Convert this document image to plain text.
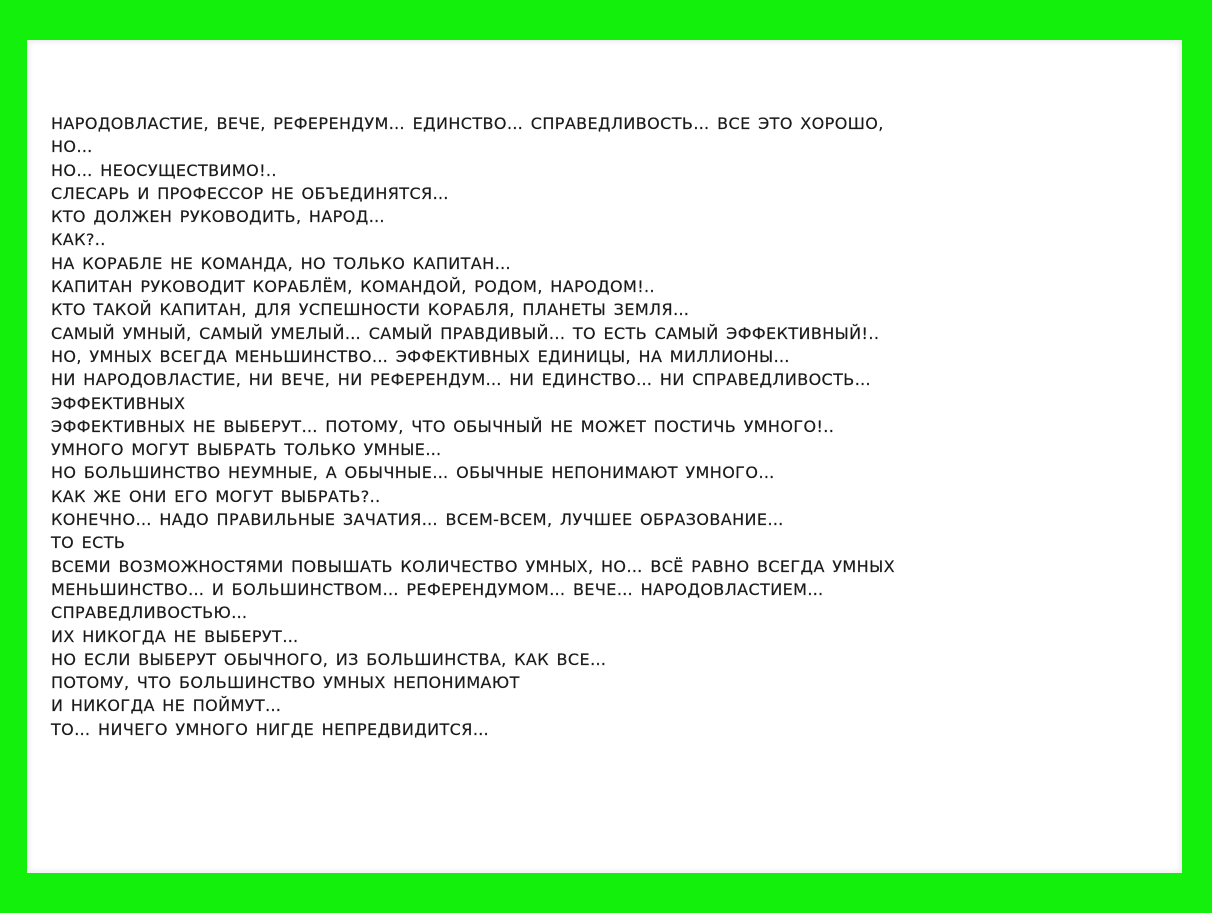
НАРОДОВЛАСТИЕ, ВЕЧЕ, РЕФЕРЕНДУМ… ЕДИНСТВО… СПРАВЕДЛИВОСТЬ… ВСЕ ЭТО ХОРОШО,
НО…
НО… НЕОСУЩЕСТВИМО!..
СЛЕСАРЬ И ПРОФЕССОР НЕ ОБЪЕДИНЯТСЯ…
КТО ДОЛЖЕН РУКОВОДИТЬ, НАРОД…
КАК?..
НА КОРАБЛЕ НЕ КОМАНДА, НО ТОЛЬКО КАПИТАН…
КАПИТАН РУКОВОДИТ КОРАБЛЁМ, КОМАНДОЙ, РОДОМ, НАРОДОМ!..
КТО ТАКОЙ КАПИТАН, ДЛЯ УСПЕШНОСТИ КОРАБЛЯ, ПЛАНЕТЫ ЗЕМЛЯ…
САМЫЙ УМНЫЙ, САМЫЙ УМЕЛЫЙ… САМЫЙ ПРАВДИВЫЙ... ТО ЕСТЬ САМЫЙ ЭФФЕКТИВНЫЙ!..
НО, УМНЫХ ВСЕГДА МЕНЬШИНСТВО… ЭФФЕКТИВНЫХ ЕДИНИЦЫ, НА МИЛЛИОНЫ…
НИ НАРОДОВЛАСТИЕ, НИ ВЕЧЕ, НИ РЕФЕРЕНДУМ… НИ ЕДИНСТВО… НИ СПРАВЕДЛИВОСТЬ…
ЭФФЕКТИВНЫХ
ЭФФЕКТИВНЫХ НЕ ВЫБЕРУТ… ПОТОМУ, ЧТО ОБЫЧНЫЙ НЕ МОЖЕТ ПОСТИЧЬ УМНОГО!..
УМНОГО МОГУТ ВЫБРАТЬ ТОЛЬКО УМНЫЕ…
НО БОЛЬШИНСТВО НЕУМНЫЕ, А ОБЫЧНЫЕ… ОБЫЧНЫЕ НЕПОНИМАЮТ УМНОГО…
КАК ЖЕ ОНИ ЕГО МОГУТ ВЫБРАТЬ?..
КОНЕЧНО… НАДО ПРАВИЛЬНЫЕ ЗАЧАТИЯ… ВСЕМ-ВСЕМ, ЛУЧШЕЕ ОБРАЗОВАНИЕ…
ТО ЕСТЬ
ВСЕМИ ВОЗМОЖНОСТЯМИ ПОВЫШАТЬ КОЛИЧЕСТВО УМНЫХ, НО… ВСЁ РАВНО ВСЕГДА УМНЫХ
МЕНЬШИНСТВО… И БОЛЬШИНСТВОМ… РЕФЕРЕНДУМОМ… ВЕЧЕ… НАРОДОВЛАСТИЕМ…
СПРАВЕДЛИВОСТЬЮ…
ИХ НИКОГДА НЕ ВЫБЕРУТ…
НО ЕСЛИ ВЫБЕРУТ ОБЫЧНОГО, ИЗ БОЛЬШИНСТВА, КАК ВСЕ…
ПОТОМУ, ЧТО БОЛЬШИНСТВО УМНЫХ НЕПОНИМАЮТ
И НИКОГДА НЕ ПОЙМУТ…
ТО… НИЧЕГО УМНОГО НИГДЕ НЕПРЕДВИДИТСЯ…
